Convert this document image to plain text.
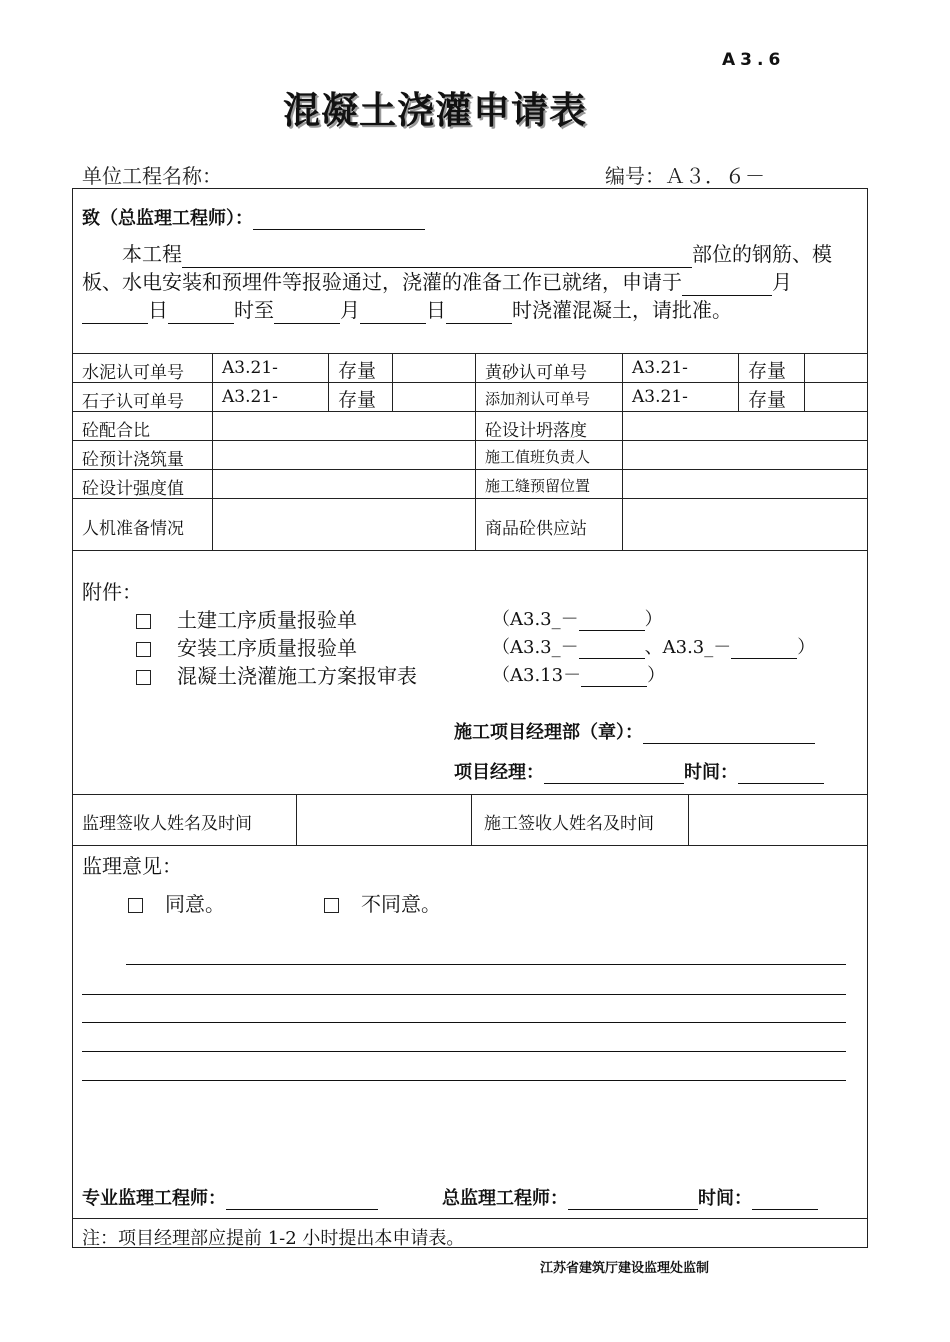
A3.6
混凝土浇灌申请表
单位工程名称：	编号：Ａ３．６－
致（总监理工程师）：
本工程	部位的钢筋、模
板、水电安装和预埋件等报验通过，浇灌的准备工作已就绪，申请于	月
日	时至	月	日	时浇灌混凝土，请批准。
水泥认可单号 A3.21-	存量	黄砂认可单号	A3.21-	存量
石子认可单号 A3.21-	存量	添加剂认可单号 A3.21-	存量
砼配合比	砼设计坍落度
砼预计浇筑量	施工值班负责人
砼设计强度值	施工缝预留位置
人机准备情况	商品砼供应站
附件：
土建工序质量报验单	（A3.3_－	）
安装工序质量报验单	（A3.3_－	、A3.3_－	）
混凝土浇灌施工方案报审表	（A3.13－	）
施工项目经理部（章）：
项目经理：	时间：
监理签收人姓名及时间	施工签收人姓名及时间
监理意见：
同意。	不同意。
专业监理工程师：	总监理工程师：	时间：
注：项目经理部应提前 1-2 小时提出本申请表。
江苏省建筑厅建设监理处监制
